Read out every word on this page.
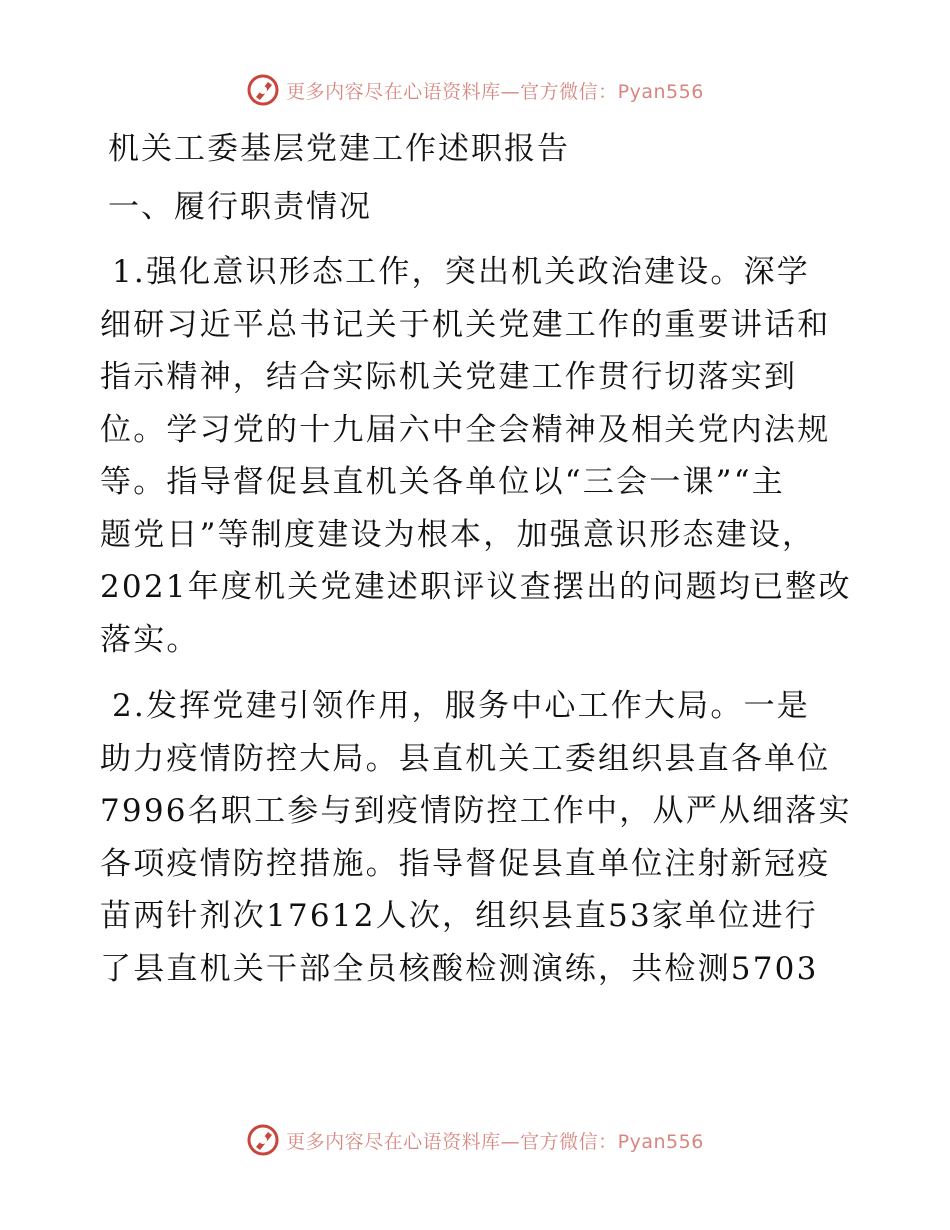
更多内容尽在心语资料库—官方微信：Pyan556
机关工委基层党建工作述职报告
一、履行职责情况
1.强化意识形态工作，突出机关政治建设。深学
细研习近平总书记关于机关党建工作的重要讲话和
指示精神，结合实际机关党建工作贯行切落实到
位。学习党的十九届六中全会精神及相关党内法规
等。指导督促县直机关各单位以“三会一课”“主
题党日”等制度建设为根本，加强意识形态建设，
2021年度机关党建述职评议查摆出的问题均已整改
落实。
2.发挥党建引领作用，服务中心工作大局。一是
助力疫情防控大局。县直机关工委组织县直各单位
7996名职工参与到疫情防控工作中，从严从细落实
各项疫情防控措施。指导督促县直单位注射新冠疫
苗两针剂次17612人次，组织县直53家单位进行
了县直机关干部全员核酸检测演练，共检测5703
更多内容尽在心语资料库—官方微信：Pyan556
